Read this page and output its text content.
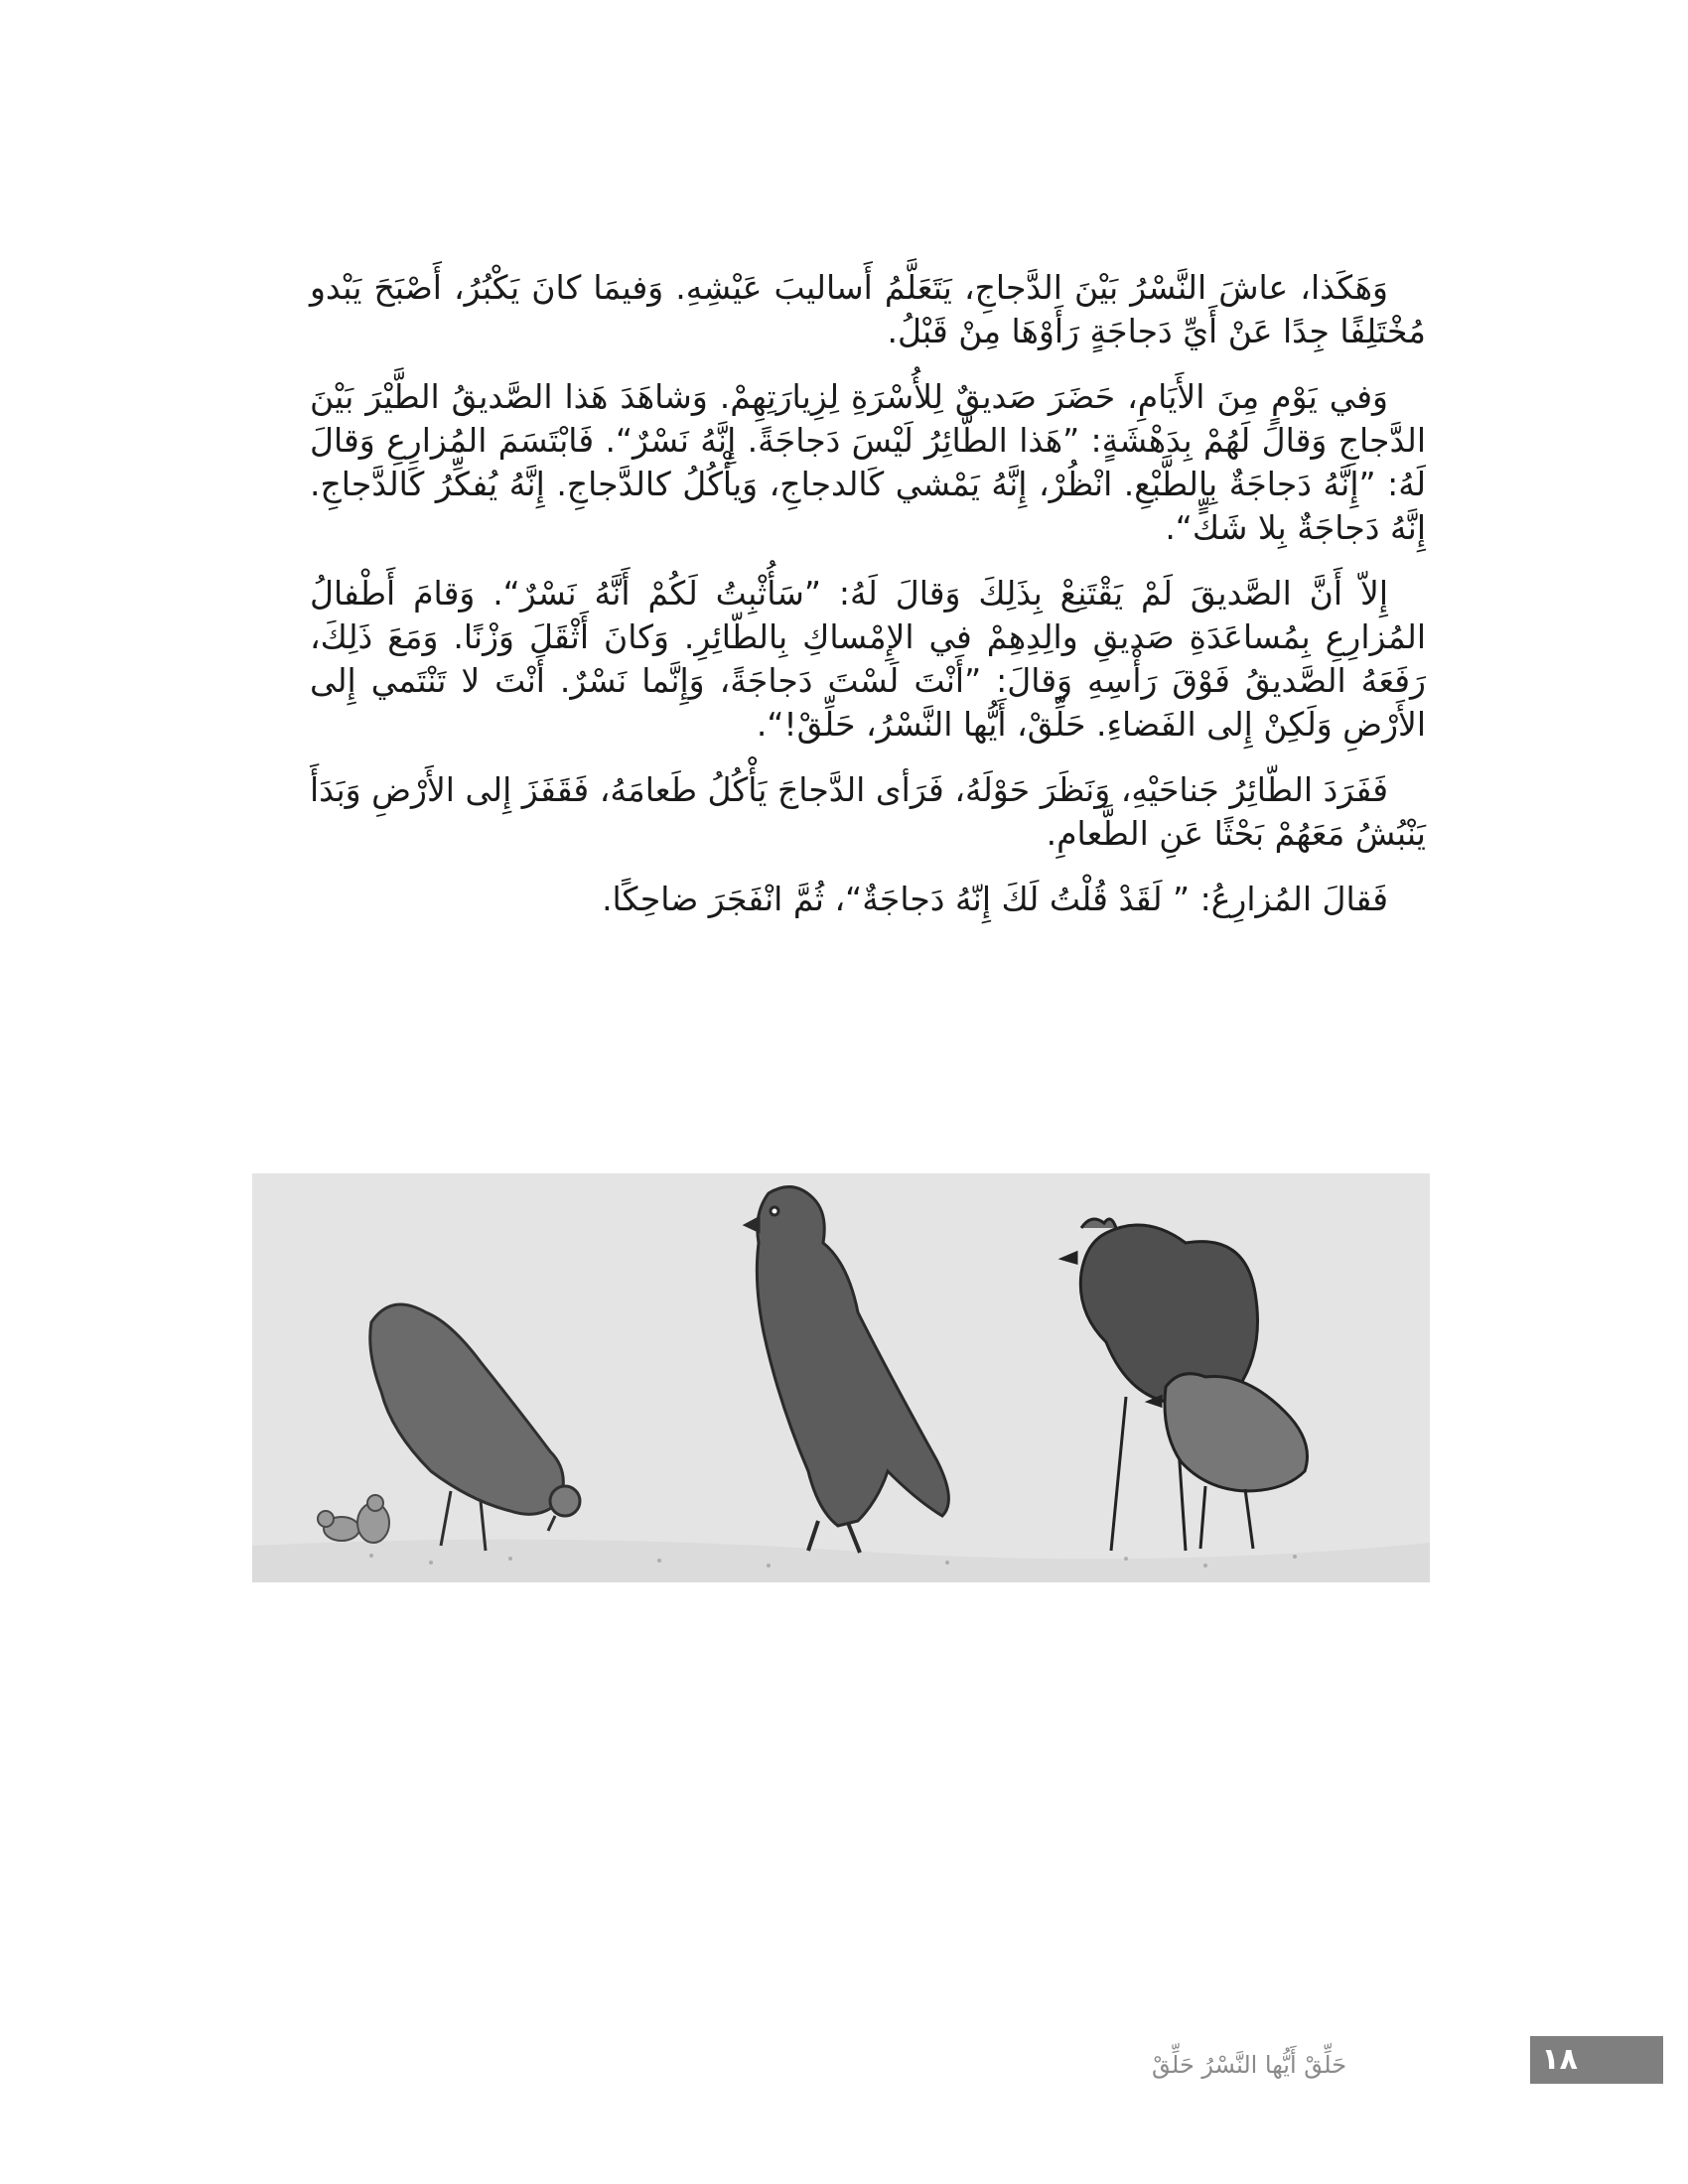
وَهَكَذا، عاشَ النَّسْرُ بَيْنَ الدَّجاجِ، يَتَعَلَّمُ أَساليبَ عَيْشِهِ. وَفيمَا كانَ يَكْبُرُ، أَصْبَحَ يَبْدو مُخْتَلِفًا جِدًا عَنْ أَيِّ دَجاجَةٍ رَأَوْهَا مِنْ قَبْلُ.

وَفي يَوْمٍ مِنَ الأَيَامِ، حَضَرَ صَديقٌ لِلأُسْرَةِ لِزِيارَتِهِمْ. وَشاهَدَ هَذا الصَّديقُ الطَّيْرَ بَيْنَ الدَّجاجِ وَقالَ لَهُمْ بِدَهْشَةٍ: ”هَذا الطَّائِرُ لَيْسَ دَجاجَةً. إِنَّهُ نَسْرٌ“. فَابْتَسَمَ المُزارِعِ وَقالَ لَهُ: ”إِنَّهُ دَجاجَةٌ بِالطَّبْعِ. انْظُرْ، إِنَّهُ يَمْشي كَالدجاجِ، وَيأْكُلُ كالدَّجاجِ. إِنَّهُ يُفكِّرُ كَالدَّجاجِ. إِنَّهُ دَجاجَةٌ بِلا شَكٍّ“.

إِلاّ أَنَّ الصَّديقَ لَمْ يَقْتَنِعْ بِذَلِكَ وَقالَ لَهُ: ”سَأُثْبِتُ لَكُمْ أَنَّهُ نَسْرٌ“. وَقامَ أَطْفالُ المُزارِعِ بِمُساعَدَةِ صَديقِ والِدِهِمْ في الإِمْساكِ بِالطّائِرِ. وَكانَ أَثْقَلَ وَزْنًا. وَمَعَ ذَلِكَ، رَفَعَهُ الصَّديقُ فَوْقَ رَأْسِهِ وَقالَ: ”أَنْتَ لَسْتَ دَجاجَةً، وَإِنَّما نَسْرٌ. أَنْتَ لا تَنْتَمي إِلى الأَرْضِ وَلَكِنْ إِلى الفَضاءِ. حَلِّقْ، أَيُّها النَّسْرُ، حَلِّقْ!“.

فَفَرَدَ الطّائِرُ جَناحَيْهِ، وَنَظَرَ حَوْلَهُ، فَرَأى الدَّجاجَ يَأْكُلُ طَعامَهُ، فَقَفَزَ إِلى الأَرْضِ وَبَدَأَ يَنْبُشُ مَعَهُمْ بَحْثًا عَنِ الطَّعامِ.

فَقالَ المُزارِعُ: ” لَقَدْ قُلْتُ لَكَ إِنّهُ دَجاجَةٌ“، ثُمَّ انْفَجَرَ ضاحِكًا.

حَلِّقْ أَيُّها النَّسْرُ حَلِّقْ	١٨
